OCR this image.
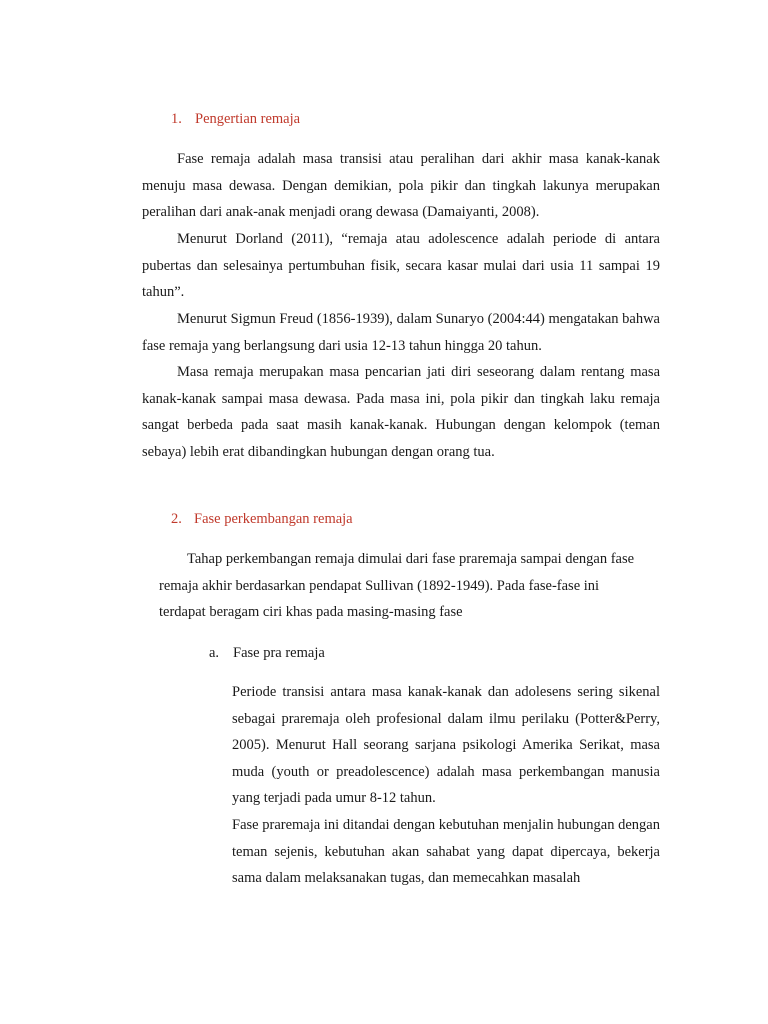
1. Pengertian remaja

Fase remaja adalah masa transisi atau peralihan dari akhir masa kanak-kanak menuju masa dewasa. Dengan demikian, pola pikir dan tingkah lakunya merupakan peralihan dari anak-anak menjadi orang dewasa (Damaiyanti, 2008).

Menurut Dorland (2011), “remaja atau adolescence adalah periode di antara pubertas dan selesainya pertumbuhan fisik, secara kasar mulai dari usia 11 sampai 19 tahun”.

Menurut Sigmun Freud (1856-1939), dalam Sunaryo (2004:44) mengatakan bahwa fase remaja yang berlangsung dari usia 12-13 tahun hingga 20 tahun.

Masa remaja merupakan masa pencarian jati diri seseorang dalam rentang masa kanak-kanak sampai masa dewasa. Pada masa ini, pola pikir dan tingkah laku remaja sangat berbeda pada saat masih kanak-kanak. Hubungan dengan kelompok (teman sebaya) lebih erat dibandingkan hubungan dengan orang tua.

2. Fase perkembangan remaja

Tahap perkembangan remaja dimulai dari fase praremaja sampai dengan fase remaja akhir berdasarkan pendapat Sullivan (1892-1949). Pada fase-fase ini terdapat beragam ciri khas pada masing-masing fase

a. Fase pra remaja

Periode transisi antara masa kanak-kanak dan adolesens sering sikenal sebagai praremaja oleh profesional dalam ilmu perilaku (Potter&Perry, 2005). Menurut Hall seorang sarjana psikologi Amerika Serikat, masa muda (youth or preadolescence) adalah masa perkembangan manusia yang terjadi pada umur 8-12 tahun.

Fase praremaja ini ditandai dengan kebutuhan menjalin hubungan dengan teman sejenis, kebutuhan akan sahabat yang dapat dipercaya, bekerja sama dalam melaksanakan tugas, dan memecahkan masalah
